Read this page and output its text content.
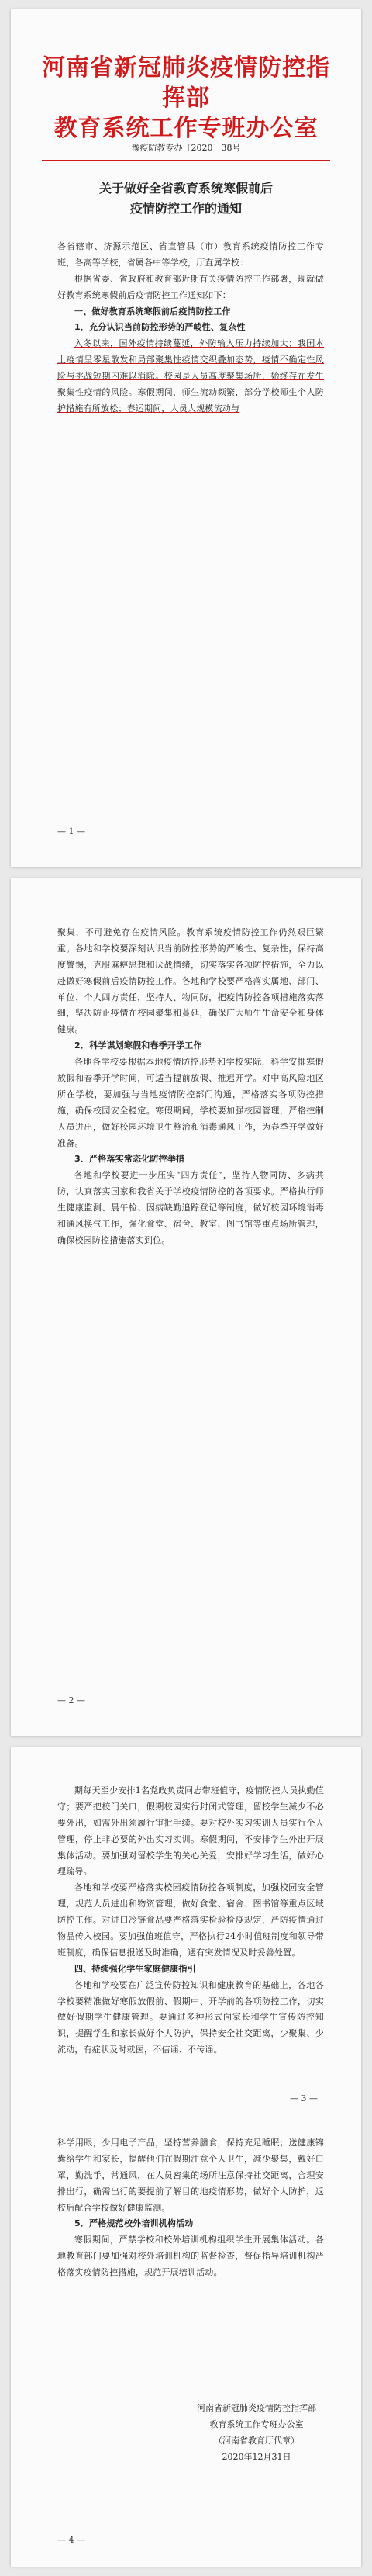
河南省新冠肺炎疫情防控指挥部
教育系统工作专班办公室
豫疫防教专办〔2020〕38号
关于做好全省教育系统寒假前后
疫情防控工作的通知

各省辖市、济源示范区、省直管县（市）教育系统疫情防控工作专班，各高等学校，省属各中等学校，厅直属学校：

根据省委、省政府和教育部近期有关疫情防控工作部署，现就做好教育系统寒假前后疫情防控工作通知如下：

一、做好教育系统寒假前后疫情防控工作

1．充分认识当前防控形势的严峻性、复杂性

入冬以来，国外疫情持续蔓延，外防输入压力持续加大；我国本土疫情呈零星散发和局部聚集性疫情交织叠加态势，疫情不确定性风险与挑战短期内难以消除。校园是人员高度聚集场所，始终存在发生聚集性疫情的风险。寒假期间，师生流动频繁，部分学校师生个人防护措施有所放松；春运期间，人员大规模流动与

— 1 —

聚集，不可避免存在疫情风险。教育系统疫情防控工作仍然艰巨繁重。各地和学校要深刻认识当前防控形势的严峻性、复杂性，保持高度警惕，克服麻痹思想和厌战情绪，切实落实各项防控措施，全力以赴做好寒假前后疫情防控工作。各地和学校要严格落实属地、部门、单位、个人四方责任，坚持人、物同防，把疫情防控各项措施落实落细，坚决防止疫情在校园聚集和蔓延，确保广大师生生命安全和身体健康。

2．科学谋划寒假和春季开学工作

各地各学校要根据本地疫情防控形势和学校实际，科学安排寒假放假和春季开学时间，可适当提前放假、推迟开学。对中高风险地区所在学校，要加强与当地疫情防控部门沟通，严格落实各项防控措施，确保校园安全稳定。寒假期间，学校要加强校园管理，严格控制人员进出，做好校园环境卫生整治和消毒通风工作，为春季开学做好准备。

3．严格落实常态化防控举措

各地和学校要进一步压实“四方责任”，坚持人物同防、多病共防，认真落实国家和我省关于学校疫情防控的各项要求。严格执行师生健康监测、晨午检、因病缺勤追踪登记等制度，做好校园环境消毒和通风换气工作，强化食堂、宿舍、教室、图书馆等重点场所管理，确保校园防控措施落实到位。

— 2 —

期每天至少安排1名党政负责同志带班值守，疫情防控人员执勤值守；要严把校门关口，假期校园实行封闭式管理，留校学生减少不必要外出，如需外出须履行审批手续。要对校外实习实训人员实行个人管理，停止非必要的外出实习实训。寒假期间，不安排学生外出开展集体活动。要加强对留校学生的关心关爱，安排好学习生活，做好心理疏导。

各地和学校要严格落实校园疫情防控各项制度，加强校园安全管理，规范人员进出和物资管理，做好食堂、宿舍、图书馆等重点区域防控工作。对进口冷链食品要严格落实检验检疫规定，严防疫情通过物品传入校园。要加强值班值守，严格执行24小时值班制度和领导带班制度，确保信息报送及时准确，遇有突发情况及时妥善处置。

四、持续强化学生家庭健康指引

各地和学校要在广泛宣传防控知识和健康教育的基础上，各地各学校要精准做好寒假放假前、假期中、开学前的各项防控工作，切实做好假期学生健康管理。要通过多种形式向家长和学生宣传防控知识，提醒学生和家长做好个人防护，保持安全社交距离，少聚集、少流动，有症状及时就医，不信谣、不传谣。

— 3 —

科学用眼，少用电子产品，坚持营养膳食，保持充足睡眠；送健康锦囊给学生和家长，提醒他们在假期注意个人卫生，减少聚集，戴好口罩，勤洗手，常通风，在人员密集的场所注意保持社交距离，合理安排出行，确需出行的要提前了解目的地疫情形势，做好个人防护，返校后配合学校做好健康监测。

5．严格规范校外培训机构活动

寒假期间，严禁学校和校外培训机构组织学生开展集体活动。各地教育部门要加强对校外培训机构的监督检查，督促指导培训机构严格落实疫情防控措施，规范开展培训活动。

河南省新冠肺炎疫情防控指挥部
教育系统工作专班办公室
（河南省教育厅代章）
2020年12月31日
— 4 —
